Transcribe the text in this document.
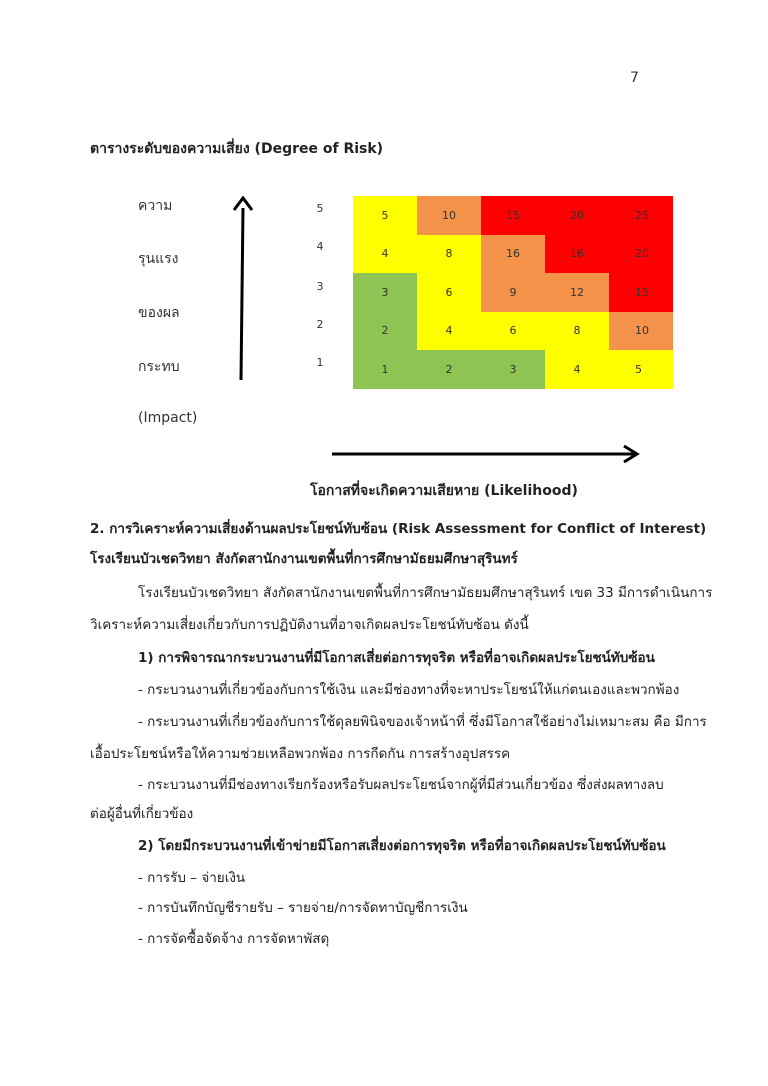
7
ตารางระดับของความเสี่ยง (Degree of Risk)
ความ
รุนแรง
ของผล
กระทบ
(Impact)
5
4
3
2
1
5	10	15	20	25
4	8	16	16	20
3	6	9	12	15
2	4	6	8	10
1	2	3	4	5
โอกาสที่จะเกิดความเสียหาย (Likelihood)
2. การวิเคราะห์ความเสี่ยงด้านผลประโยชน์ทับซ้อน (Risk Assessment for Conflict of Interest)
โรงเรียนบัวเชดวิทยา สังกัดสานักงานเขตพื้นที่การศึกษามัธยมศึกษาสุรินทร์
โรงเรียนบัวเชดวิทยา สังกัดสานักงานเขตพื้นที่การศึกษามัธยมศึกษาสุรินทร์ เขต 33 มีการดำเนินการ
วิเคราะห์ความเสี่ยงเกี่ยวกับการปฏิบัติงานที่อาจเกิดผลประโยชน์ทับซ้อน ดังนี้
1) การพิจารณากระบวนงานที่มีโอกาสเสี่ยต่อการทุจริต หรือที่อาจเกิดผลประโยชน์ทับซ้อน
- กระบวนงานที่เกี่ยวข้องกับการใช้เงิน และมีช่องทางที่จะหาประโยชน์ให้แก่ตนเองและพวกพ้อง
- กระบวนงานที่เกี่ยวข้องกับการใช้ดุลยพินิจของเจ้าหน้าที่ ซึ่งมีโอกาสใช้อย่างไม่เหมาะสม คือ มีการ
เอื้อประโยชน์หรือให้ความช่วยเหลือพวกพ้อง การกีดกัน การสร้างอุปสรรค
- กระบวนงานที่มีช่องทางเรียกร้องหรือรับผลประโยชน์จากผู้ที่มีส่วนเกี่ยวข้อง ซึ่งส่งผลทางลบ
ต่อผู้อื่นที่เกี่ยวข้อง
2) โดยมีกระบวนงานที่เข้าข่ายมีโอกาสเสี่ยงต่อการทุจริต หรือที่อาจเกิดผลประโยชน์ทับซ้อน
- การรับ – จ่ายเงิน
- การบันทึกบัญชีรายรับ – รายจ่าย/การจัดทาบัญชีการเงิน
- การจัดซื้อจัดจ้าง การจัดหาพัสดุ
